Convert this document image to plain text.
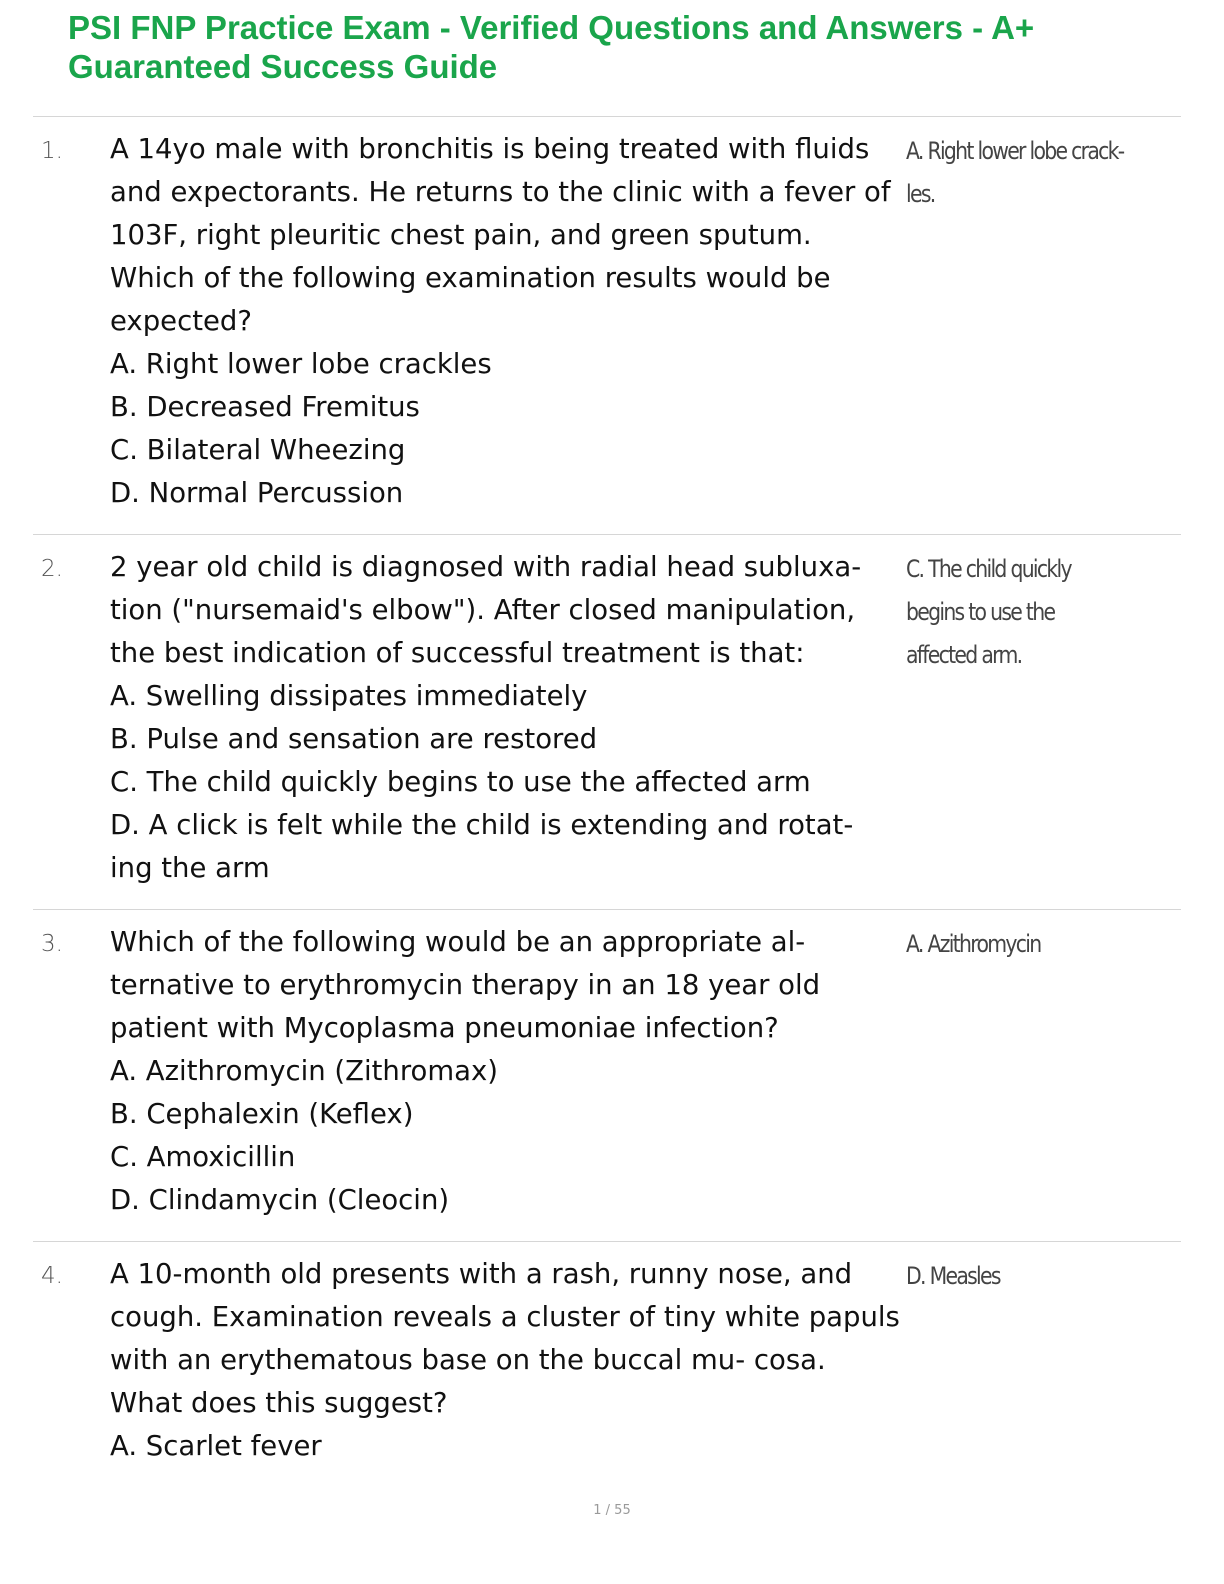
PSI FNP Practice Exam - Verified Questions and Answers - A+ Guaranteed Success Guide
1.	A 14yo male with bronchitis is being treated with fluids and expectorants. He returns to the clinic with a fever of 103F, right pleuritic chest pain, and green sputum. Which of the following examination results would be expected?

A. Right lower lobe crackles

B. Decreased Fremitus

C. Bilateral Wheezing

D. Normal Percussion

A. Right lower lobe crack- les.

2.	2 year old child is diagnosed with radial head subluxa- tion ("nursemaid's elbow"). After closed manipulation, the best indication of successful treatment is that:

A. Swelling dissipates immediately

B. Pulse and sensation are restored

C. The child quickly begins to use the affected arm

D. A click is felt while the child is extending and rotat- ing the arm

C. The child quickly begins to use the affected arm.

3.	Which of the following would be an appropriate al- ternative to erythromycin therapy in an 18 year old patient with Mycoplasma pneumoniae infection?

A. Azithromycin (Zithromax)

B. Cephalexin (Keflex)

C. Amoxicillin

D. Clindamycin (Cleocin)

A. Azithromycin

4.	A 10-month old presents with a rash, runny nose, and cough. Examination reveals a cluster of tiny white papuls with an erythematous base on the buccal mu- cosa. What does this suggest?

A. Scarlet fever

D. Measles

1 / 55
